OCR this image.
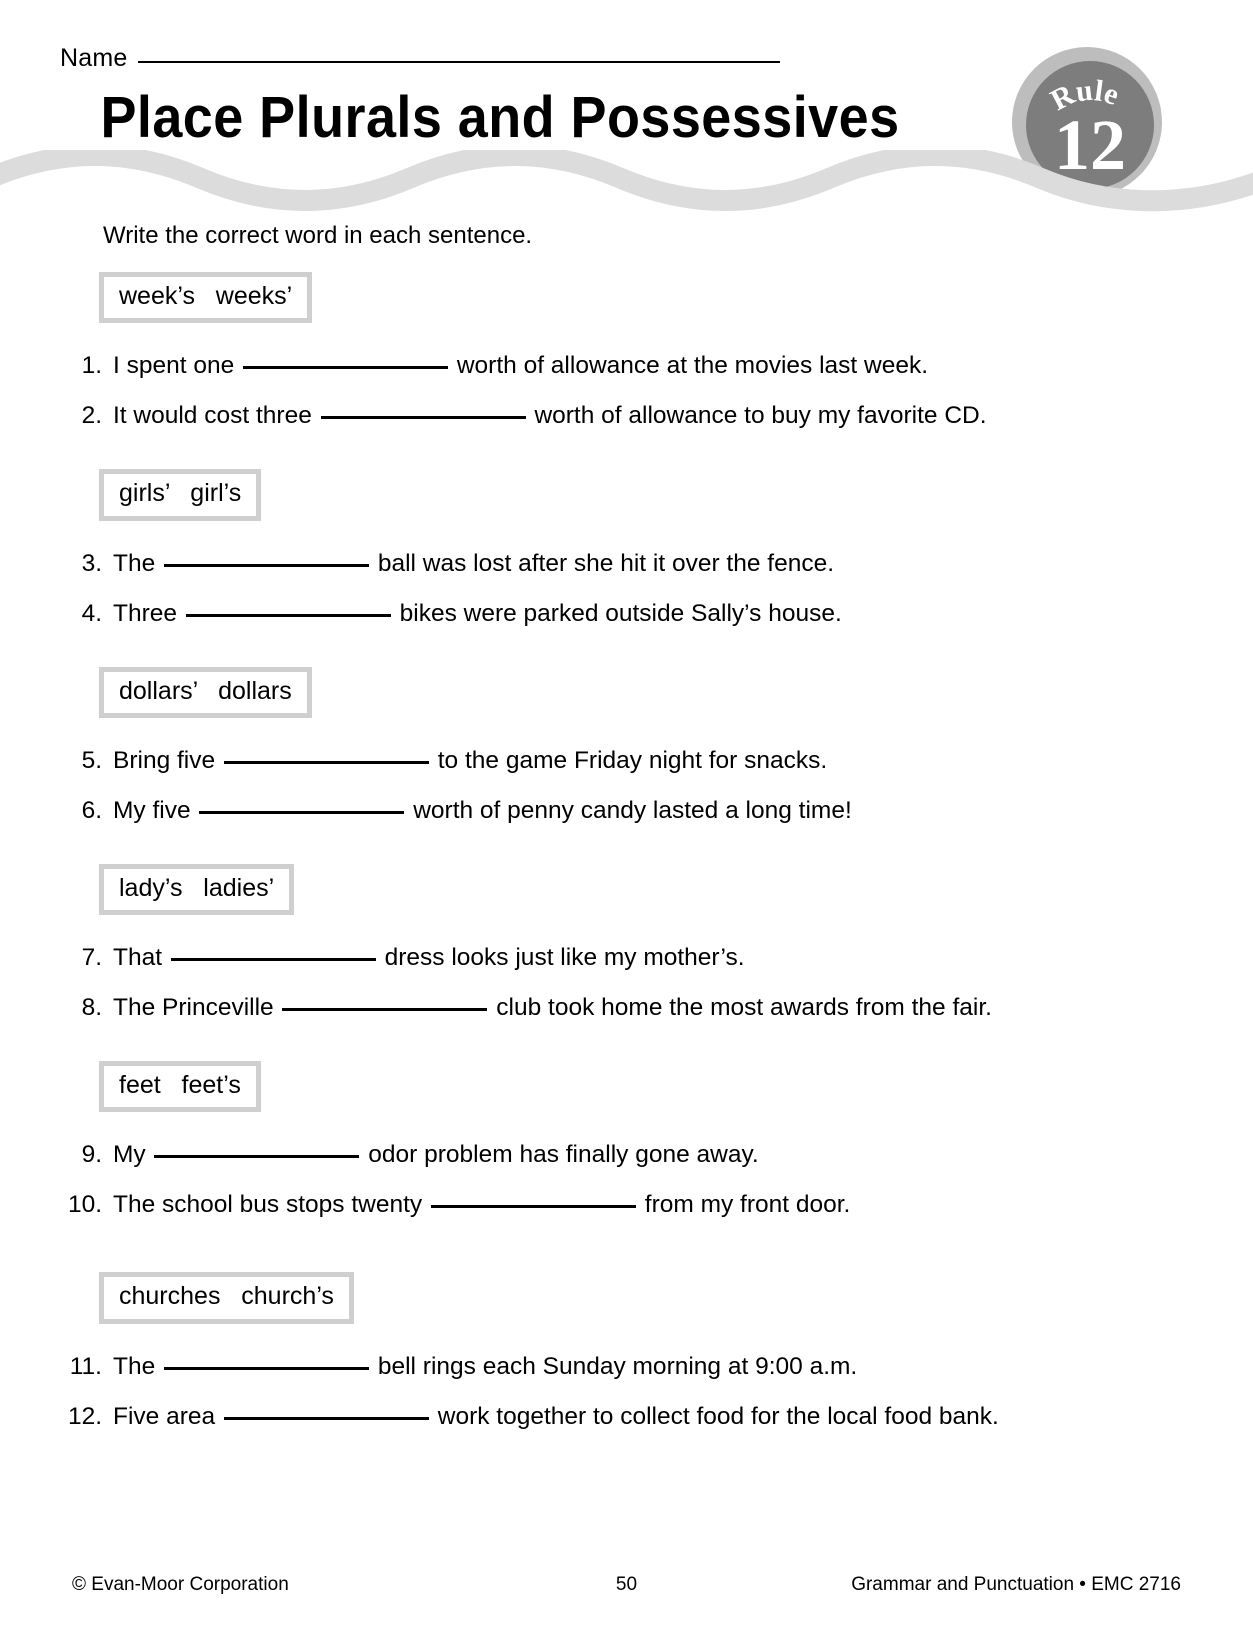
Name
Place Plurals and Possessives	Rule
12
Write the correct word in each sentence.
week’s   weeks’
1. I spent one	worth of allowance at the movies last week.
2. It would cost three	worth of allowance to buy my favorite CD.
girls’   girl’s
3. The	ball was lost after she hit it over the fence.
4. Three	bikes were parked outside Sally’s house.
dollars’   dollars
5. Bring five	to the game Friday night for snacks.
6. My five	worth of penny candy lasted a long time!
lady’s   ladies’
7. That	dress looks just like my mother’s.
8. The Princeville	club took home the most awards from the fair.
feet   feet’s
9. My	odor problem has finally gone away.
10. The school bus stops twenty	from my front door.
churches   church’s
11. The	bell rings each Sunday morning at 9:00 a.m.
12. Five area	work together to collect food for the local food bank.
© Evan-Moor Corporation	50	Grammar and Punctuation • EMC 2716
